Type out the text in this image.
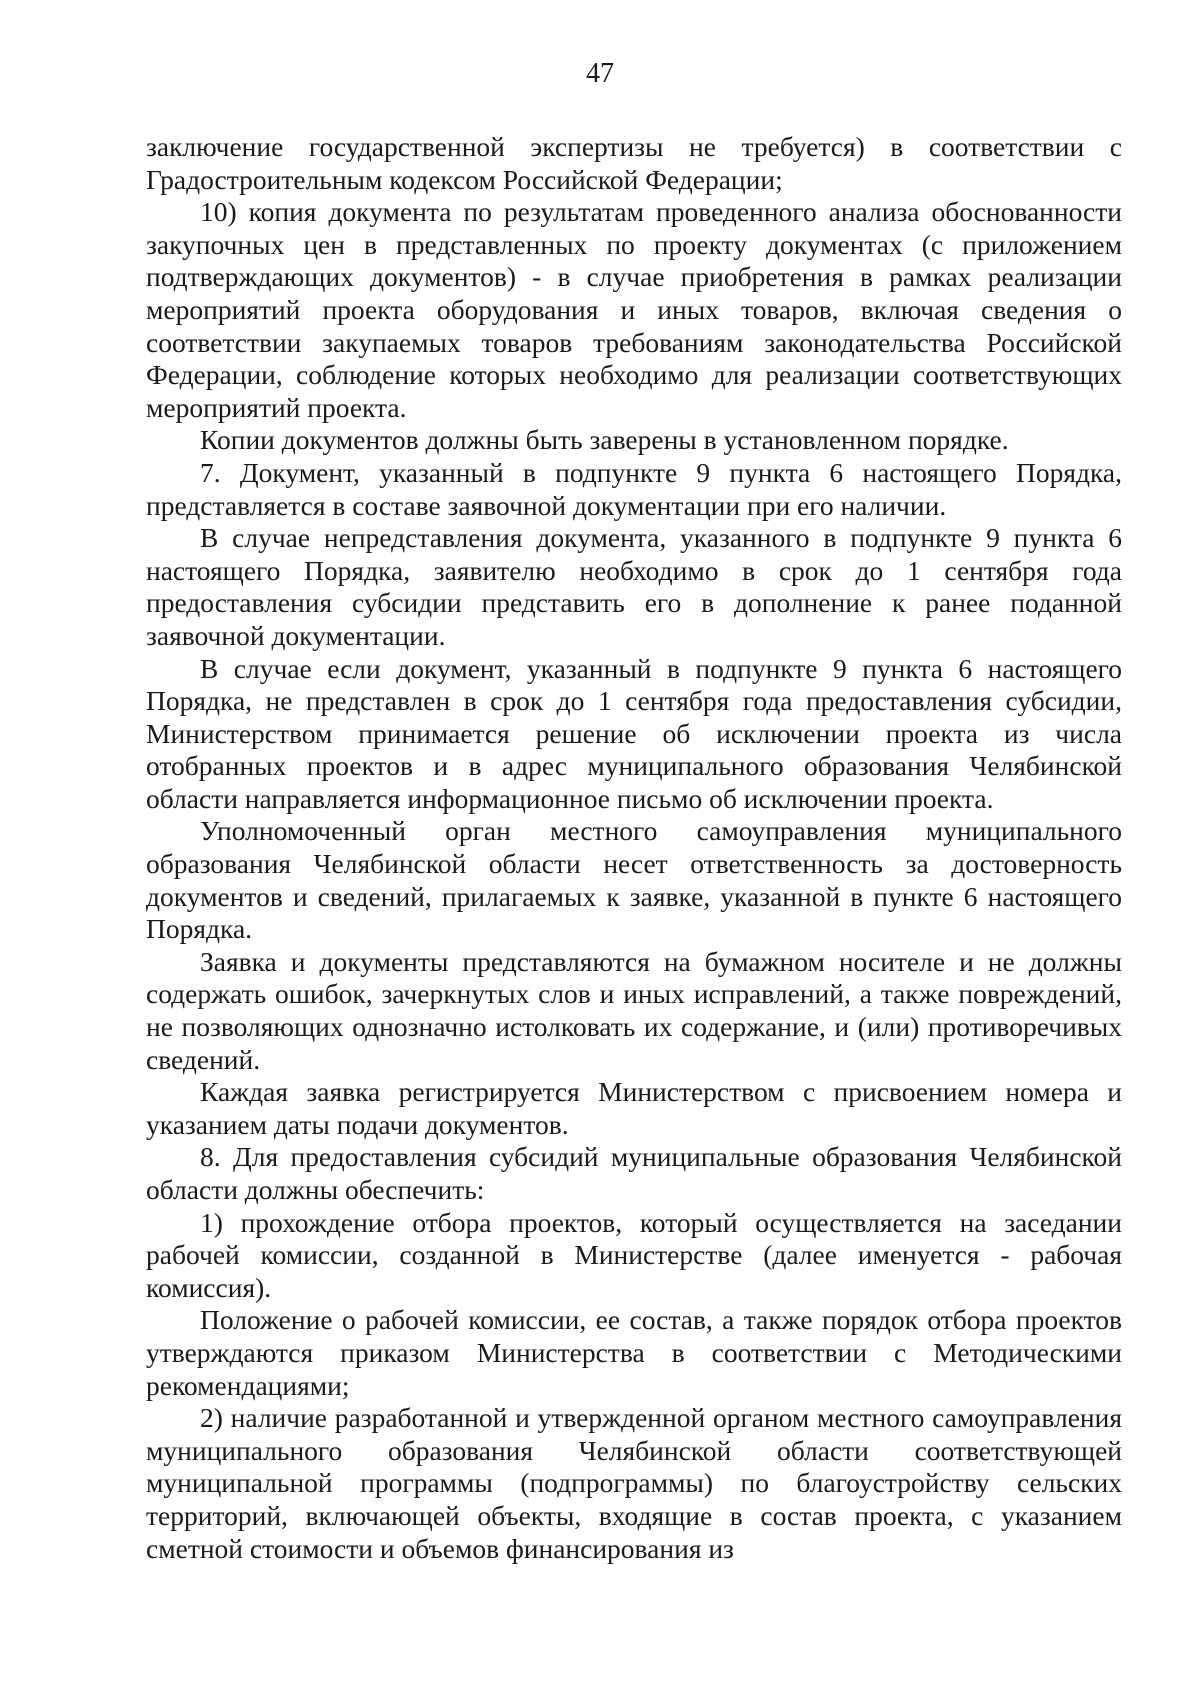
47

заключение государственной экспертизы не требуется) в соответствии с Градостроительным кодексом Российской Федерации;

10) копия документа по результатам проведенного анализа обоснованности закупочных цен в представленных по проекту документах (с приложением подтверждающих документов) - в случае приобретения в рамках реализации мероприятий проекта оборудования и иных товаров, включая сведения о соответствии закупаемых товаров требованиям законодательства Российской Федерации, соблюдение которых необходимо для реализации соответствующих мероприятий проекта.

Копии документов должны быть заверены в установленном порядке.

7. Документ, указанный в подпункте 9 пункта 6 настоящего Порядка, представляется в составе заявочной документации при его наличии.

В случае непредставления документа, указанного в подпункте 9 пункта 6 настоящего Порядка, заявителю необходимо в срок до 1 сентября года предоставления субсидии представить его в дополнение к ранее поданной заявочной документации.

В случае если документ, указанный в подпункте 9 пункта 6 настоящего Порядка, не представлен в срок до 1 сентября года предоставления субсидии, Министерством принимается решение об исключении проекта из числа отобранных проектов и в адрес муниципального образования Челябинской области направляется информационное письмо об исключении проекта.

Уполномоченный орган местного самоуправления муниципального образования Челябинской области несет ответственность за достоверность документов и сведений, прилагаемых к заявке, указанной в пункте 6 настоящего Порядка.

Заявка и документы представляются на бумажном носителе и не должны содержать ошибок, зачеркнутых слов и иных исправлений, а также повреждений, не позволяющих однозначно истолковать их содержание, и (или) противоречивых сведений.

Каждая заявка регистрируется Министерством с присвоением номера и указанием даты подачи документов.

8. Для предоставления субсидий муниципальные образования Челябинской области должны обеспечить:

1) прохождение отбора проектов, который осуществляется на заседании рабочей комиссии, созданной в Министерстве (далее именуется - рабочая комиссия).

Положение о рабочей комиссии, ее состав, а также порядок отбора проектов утверждаются приказом Министерства в соответствии с Методическими рекомендациями;

2) наличие разработанной и утвержденной органом местного самоуправления муниципального образования Челябинской области соответствующей муниципальной программы (подпрограммы) по благоустройству сельских территорий, включающей объекты, входящие в состав проекта, с указанием сметной стоимости и объемов финансирования из
